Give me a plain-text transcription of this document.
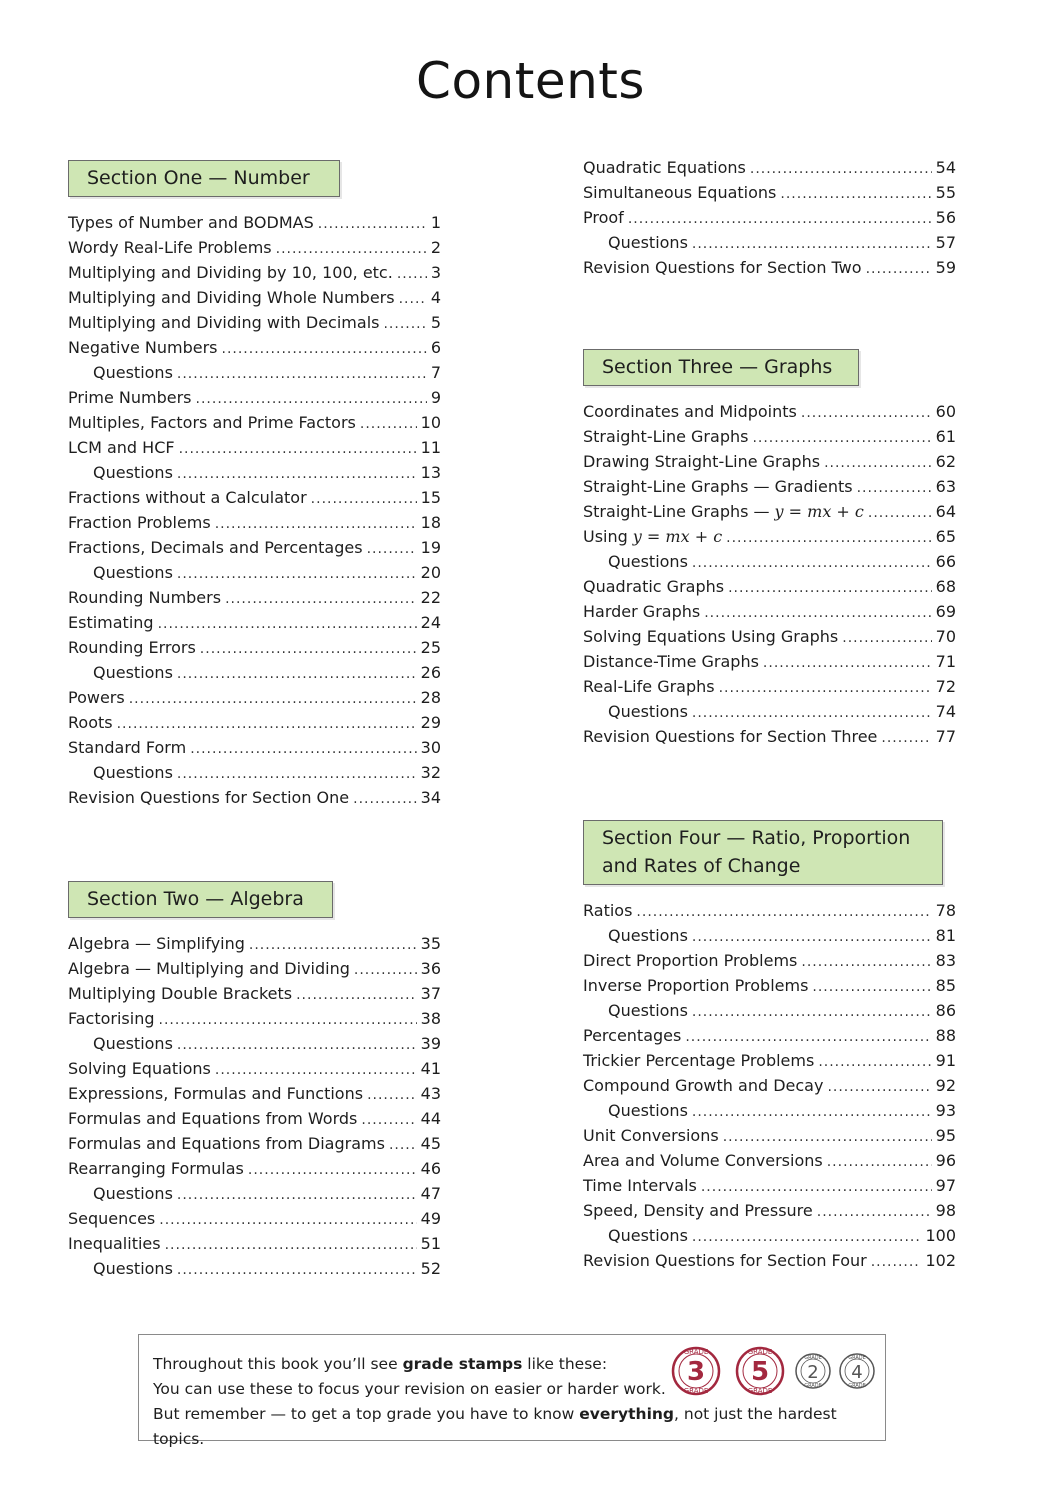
Contents
Section One — Number
Types of Number and BODMAS .....	1
Wordy Real-Life Problems .....	2
Multiplying and Dividing by 10, 100, etc. ..... 3
Multiplying and Dividing Whole Numbers ..... 4
Multiplying and Dividing with Decimals .....	5
Negative Numbers .....	6
Questions .....	7
Prime Numbers .....	9
Multiples, Factors and Prime Factors .....	10
LCM and HCF .....	11
Questions .....	13
Fractions without a Calculator .....	15
Fraction Problems .....	18
Fractions, Decimals and Percentages .....	19
Questions .....	20
Rounding Numbers .....	22
Estimating .....	24
Rounding Errors .....	25
Questions .....	26
Powers .....	28
Roots .....	29
Standard Form .....	30
Questions .....	32
Revision Questions for Section One .....	34
Section Two — Algebra
Algebra — Simplifying .....	35
Algebra — Multiplying and Dividing .....	36
Multiplying Double Brackets .....	37
Factorising .....	38
Questions .....	39
Solving Equations .....	41
Expressions, Formulas and Functions .....	43
Formulas and Equations from Words .....	44
Formulas and Equations from Diagrams ..... 45
Rearranging Formulas .....	46
Questions .....	47
Sequences .....	49
Inequalities .....	51
Questions .....	52
Quadratic Equations .....	54
Simultaneous Equations .....	55
Proof .....	56
Questions .....	57
Revision Questions for Section Two .....	59
Section Three — Graphs
Coordinates and Midpoints .....	60
Straight-Line Graphs .....	61
Drawing Straight-Line Graphs .....	62
Straight-Line Graphs — Gradients .....	63
Straight-Line Graphs — y = mx + c .....	64
Using y = mx + c .....	65
Questions .....	66
Quadratic Graphs .....	68
Harder Graphs .....	69
Solving Equations Using Graphs .....	70
Distance-Time Graphs .....	71
Real-Life Graphs .....	72
Questions .....	74
Revision Questions for Section Three .....	77
Section Four — Ratio, Proportion
and Rates of Change
Ratios .....	78
Questions .....	81
Direct Proportion Problems .....	83
Inverse Proportion Problems .....	85
Questions .....	86
Percentages .....	88
Trickier Percentage Problems .....	91
Compound Growth and Decay .....	92
Questions .....	93
Unit Conversions .....	95
Area and Volume Conversions .....	96
Time Intervals .....	97
Speed, Density and Pressure .....	98
Questions .....	100
Revision Questions for Section Four .....	102
Throughout this book you’ll see grade stamps like these:
You can use these to focus your revision on easier or harder work.
But remember — to get a top grade you have to know everything, not just the hardest topics.
GRADE
3
GRADE
GRADE
5
GRADE
GRADE
2
GRADE
GRADE
4
GRADE
